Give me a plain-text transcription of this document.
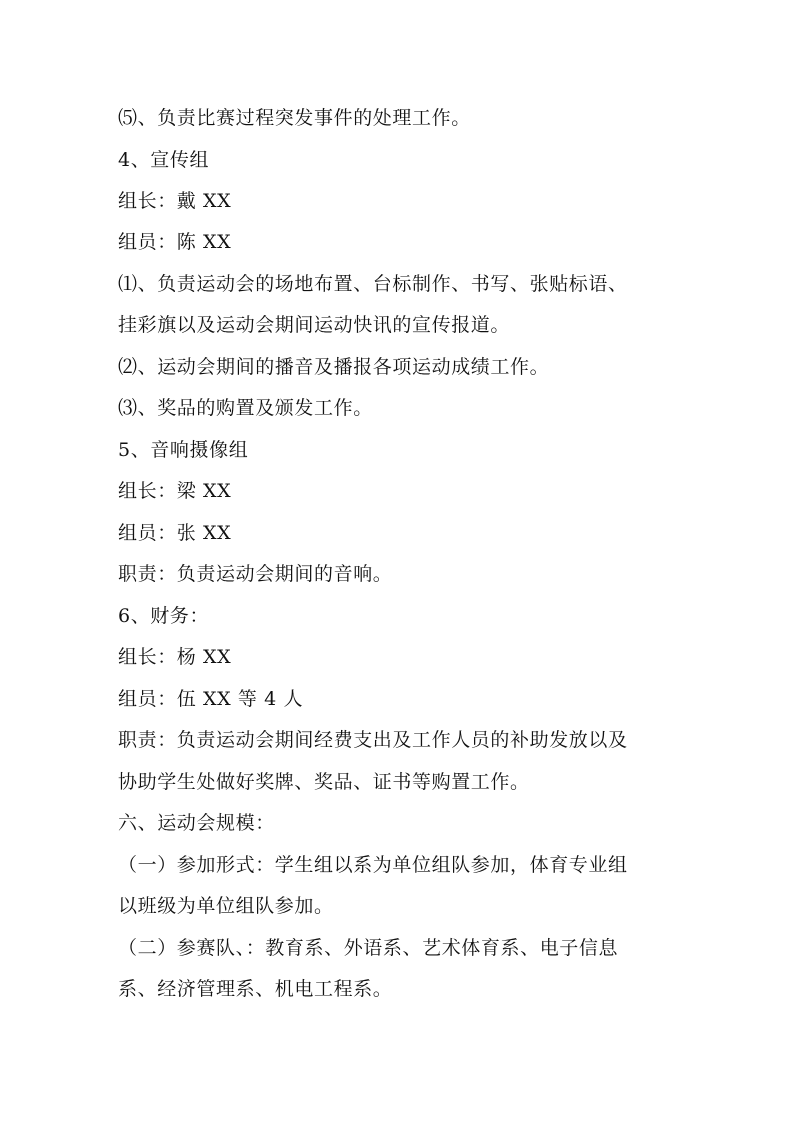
⑸、负责比赛过程突发事件的处理工作。
4、宣传组
组长：戴 XX
组员：陈 XX
⑴、负责运动会的场地布置、台标制作、书写、张贴标语、
挂彩旗以及运动会期间运动快讯的宣传报道。
⑵、运动会期间的播音及播报各项运动成绩工作。
⑶、奖品的购置及颁发工作。
5、音响摄像组
组长：梁 XX
组员：张 XX
职责：负责运动会期间的音响。
6、财务：
组长：杨 XX
组员：伍 XX 等 4 人
职责：负责运动会期间经费支出及工作人员的补助发放以及
协助学生处做好奖牌、奖品、证书等购置工作。
六、运动会规模：
（一）参加形式：学生组以系为单位组队参加，体育专业组
以班级为单位组队参加。
（二）参赛队、：教育系、外语系、艺术体育系、电子信息
系、经济管理系、机电工程系。
